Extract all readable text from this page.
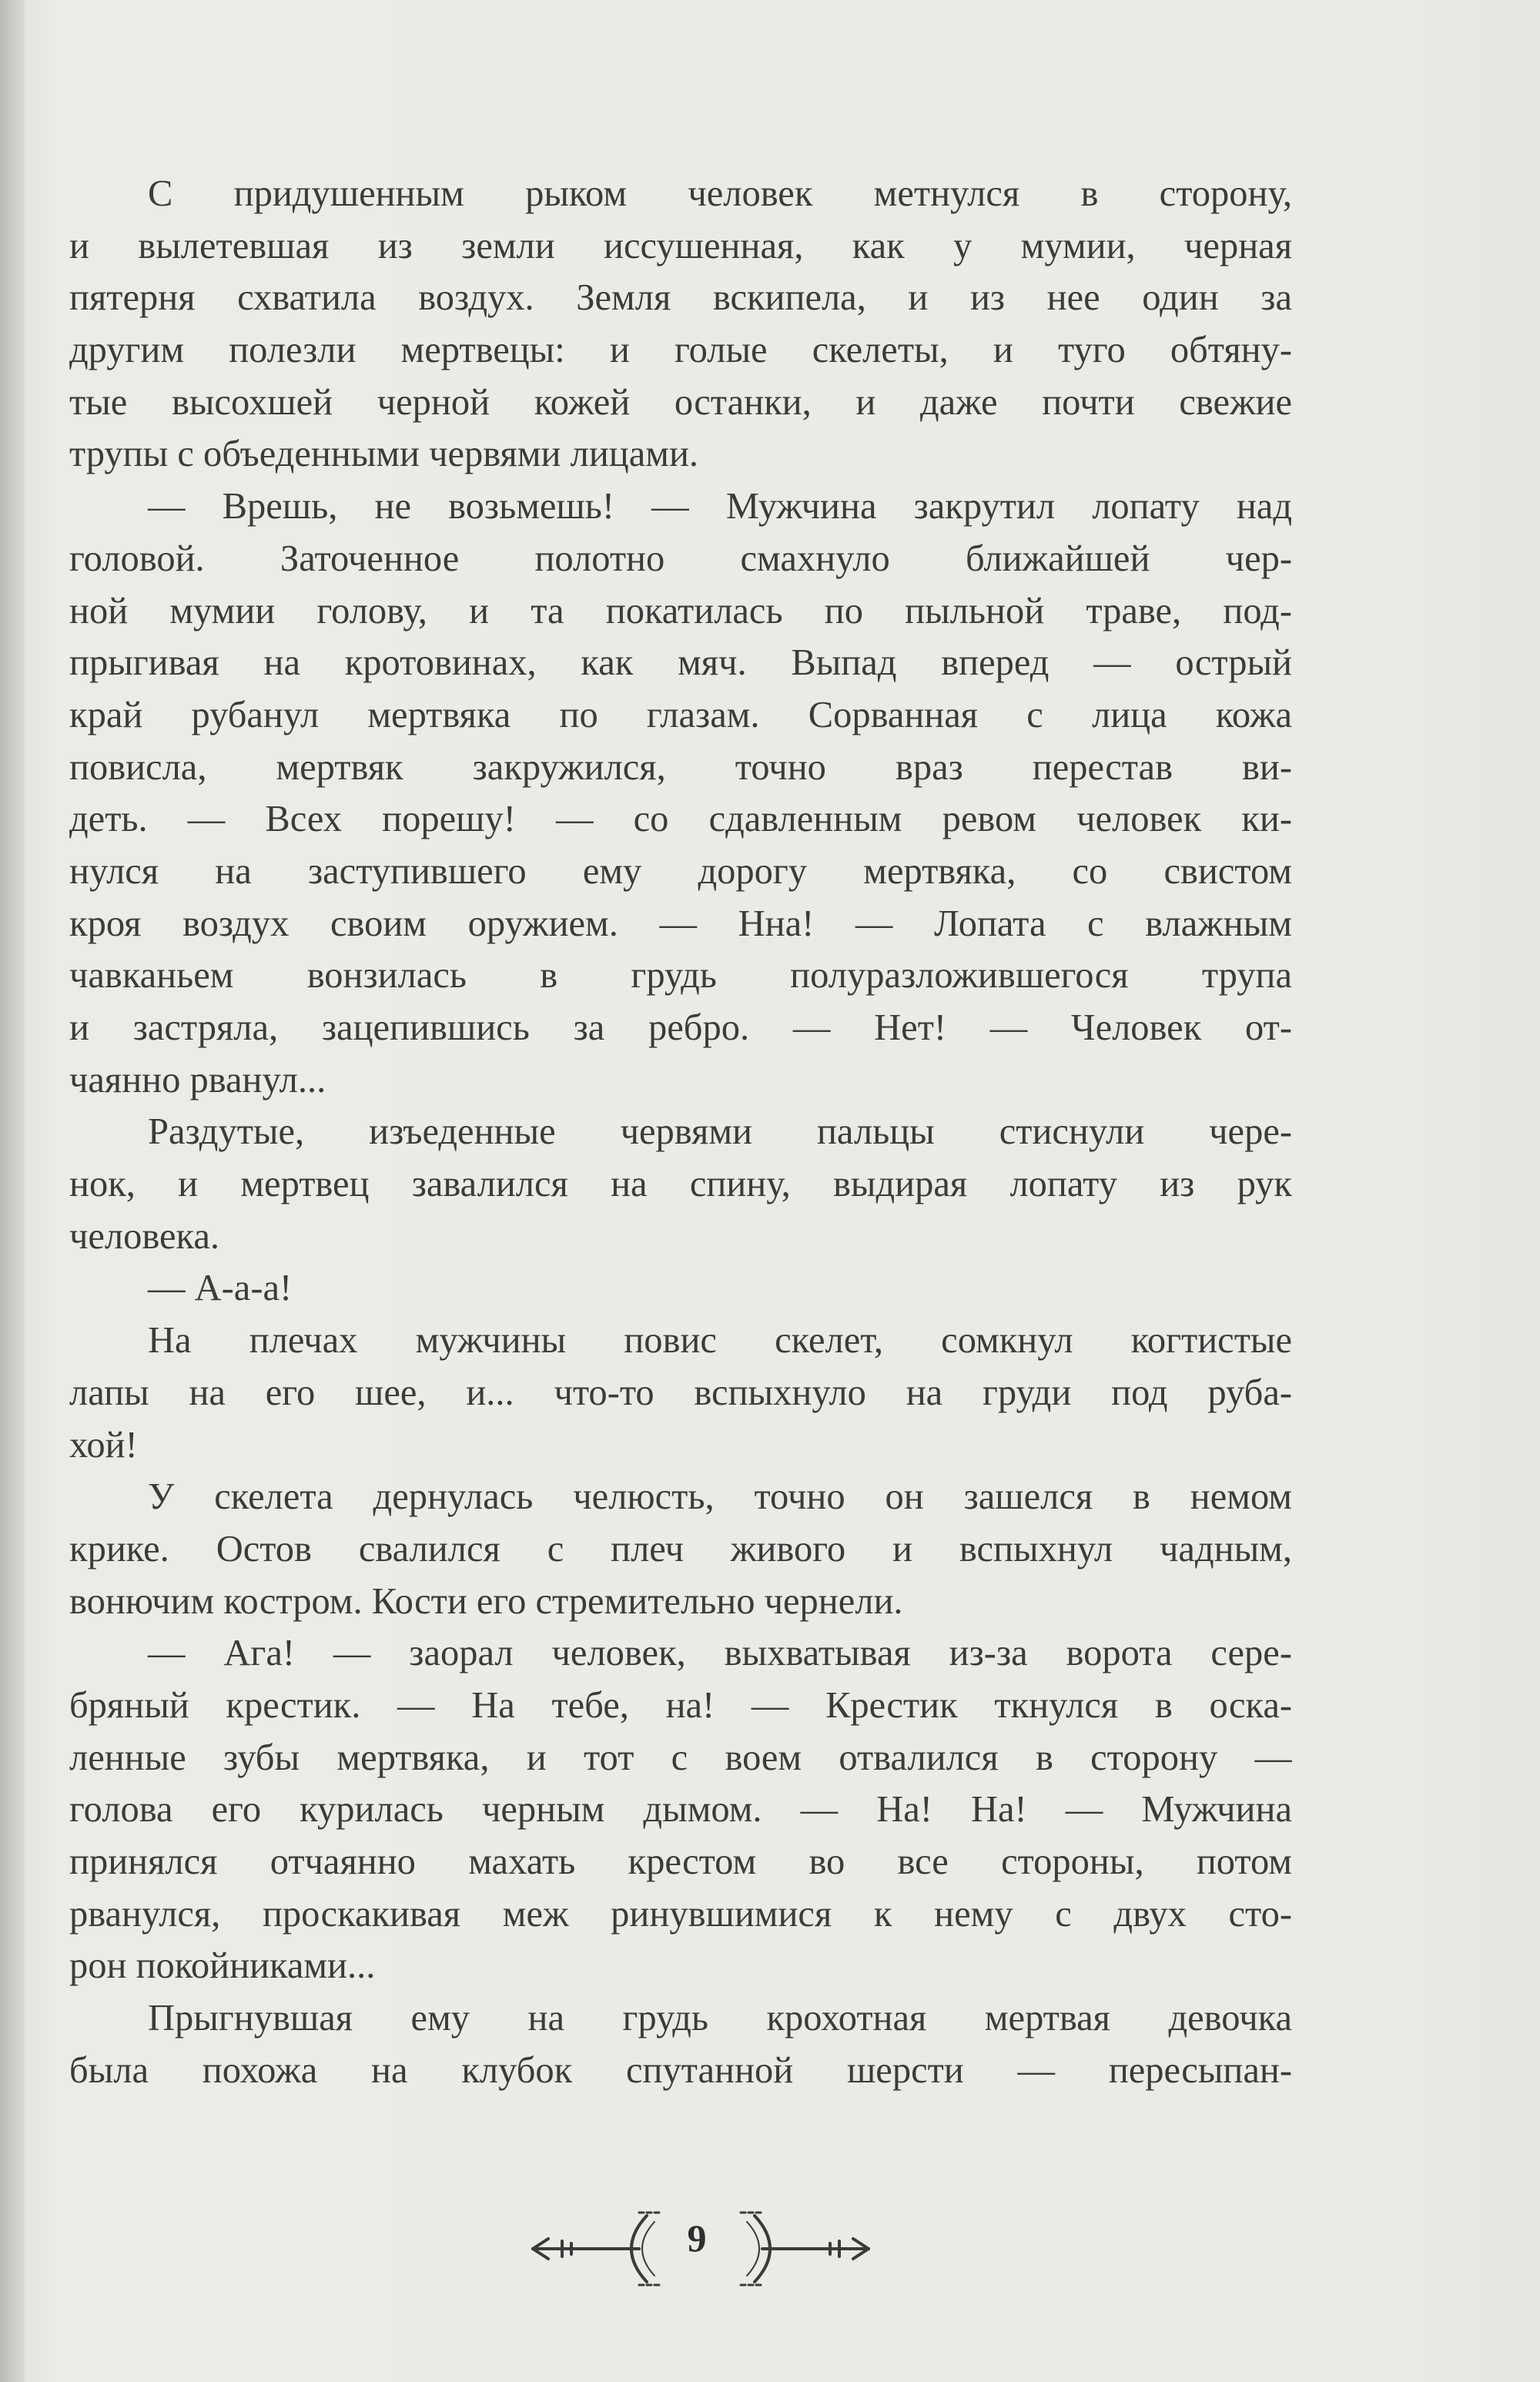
С придушенным рыком человек метнулся в сторону,
и вылетевшая из земли иссушенная, как у мумии, черная
пятерня схватила воздух. Земля вскипела, и из нее один за
другим полезли мертвецы: и голые скелеты, и туго обтяну-
тые высохшей черной кожей останки, и даже почти свежие
трупы с объеденными червями лицами.
— Врешь, не возьмешь! — Мужчина закрутил лопату над
головой. Заточенное полотно смахнуло ближайшей чер-
ной мумии голову, и та покатилась по пыльной траве, под-
прыгивая на кротовинах, как мяч. Выпад вперед — острый
край рубанул мертвяка по глазам. Сорванная с лица кожа
повисла, мертвяк закружился, точно враз перестав ви-
деть. — Всех порешу! — со сдавленным ревом человек ки-
нулся на заступившего ему дорогу мертвяка, со свистом
кроя воздух своим оружием. — Нна! — Лопата с влажным
чавканьем вонзилась в грудь полуразложившегося трупа
и застряла, зацепившись за ребро. — Нет! — Человек от-
чаянно рванул...
Раздутые, изъеденные червями пальцы стиснули чере-
нок, и мертвец завалился на спину, выдирая лопату из рук
человека.
— А-а-а!
На плечах мужчины повис скелет, сомкнул когтистые
лапы на его шее, и... что-то вспыхнуло на груди под руба-
хой!
У скелета дернулась челюсть, точно он зашелся в немом
крике. Остов свалился с плеч живого и вспыхнул чадным,
вонючим костром. Кости его стремительно чернели.
— Ага! — заорал человек, выхватывая из-за ворота сере-
бряный крестик. — На тебе, на! — Крестик ткнулся в оска-
ленные зубы мертвяка, и тот с воем отвалился в сторону —
голова его курилась черным дымом. — На! На! — Мужчина
принялся отчаянно махать крестом во все стороны, потом
рванулся, проскакивая меж ринувшимися к нему с двух сто-
рон покойниками...
Прыгнувшая ему на грудь крохотная мертвая девочка
была похожа на клубок спутанной шерсти — пересыпан-
9
